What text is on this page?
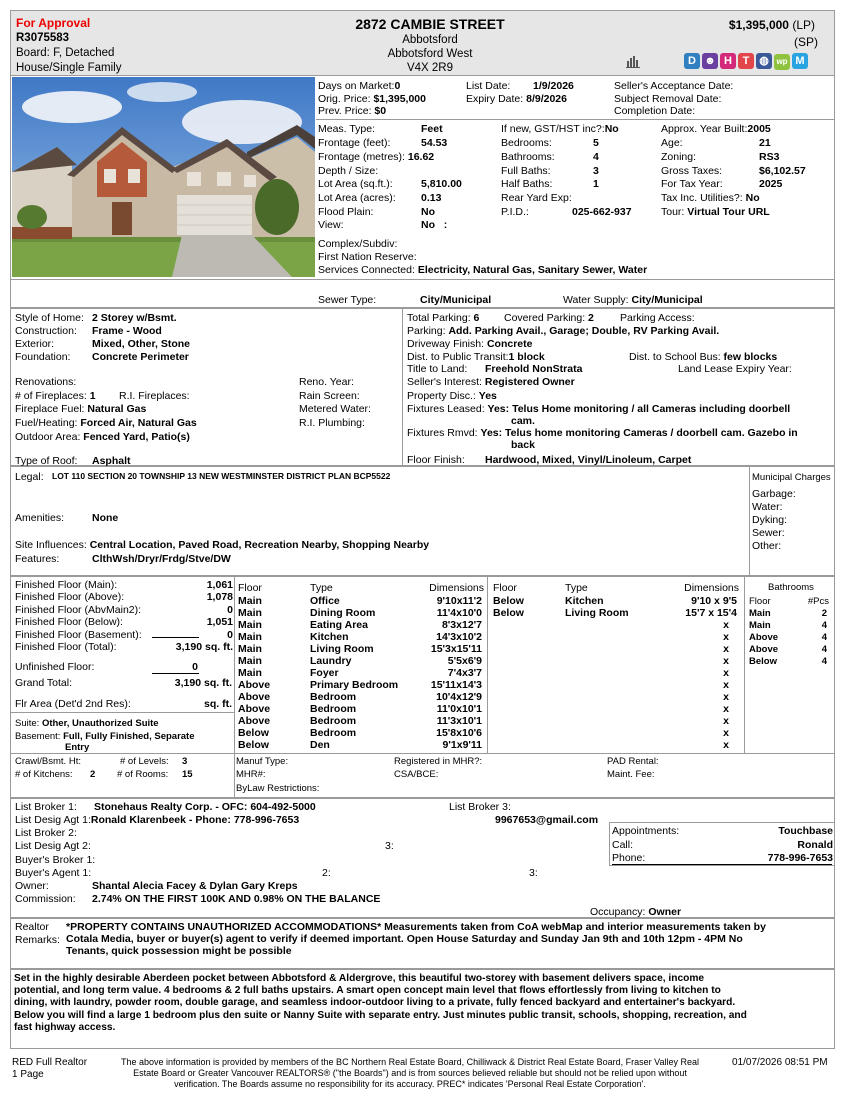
For Approval
R3075583
Board: F, Detached
House/Single Family
2872 CAMBIE STREET
Abbotsford
Abbotsford West
V4X 2R9
$1,395,000 (LP)
(SP)
D ☻ H T ◍ wp M
Days on Market:0
Orig. Price: $1,395,000
Prev. Price: $0
List Date: 1/9/2026
Expiry Date: 8/9/2026
Seller's Acceptance Date:
Subject Removal Date:
Completion Date:
Meas. Type:	Feet
Frontage (feet):	54.53
Frontage (metres): 16.62
Depth / Size:
Lot Area (sq.ft.):	5,810.00
Lot Area (acres): 0.13
Flood Plain:	No
View:	No   :
If new, GST/HST inc?:No
Bedrooms:	5
Bathrooms:	4
Full Baths:	3
Half Baths:	1
Rear Yard Exp:
P.I.D.:	025-662-937
Approx. Year Built:2005
Age:	21
Zoning:	RS3
Gross Taxes:	$6,102.57
For Tax Year:	2025
Tax Inc. Utilities?: No
Tour: Virtual Tour URL
Complex/Subdiv:
First Nation Reserve:
Services Connected: Electricity, Natural Gas, Sanitary Sewer, Water
Sewer Type:	City/Municipal	Water Supply: City/Municipal
Style of Home: 2 Storey w/Bsmt.
Construction: Frame - Wood
Exterior:	Mixed, Other, Stone
Foundation: Concrete Perimeter
Renovations:
# of Fireplaces: 1 R.I. Fireplaces:
Fireplace Fuel: Natural Gas
Fuel/Heating: Forced Air, Natural Gas
Outdoor Area: Fenced Yard, Patio(s)
Type of Roof: Asphalt
Reno. Year:
Rain Screen:
Metered Water:
R.I. Plumbing:
Total Parking: 6 Covered Parking: 2 Parking Access:
Parking: Add. Parking Avail., Garage; Double, RV Parking Avail.
Driveway Finish: Concrete
Dist. to Public Transit:1 block	Dist. to School Bus: few blocks
Title to Land: Freehold NonStrata	Land Lease Expiry Year:
Seller's Interest: Registered Owner
Property Disc.: Yes
Fixtures Leased: Yes: Telus Home monitoring / all Cameras including doorbell
cam.
Fixtures Rmvd: Yes: Telus home monitoring Cameras / doorbell cam. Gazebo in
back
Floor Finish: Hardwood, Mixed, Vinyl/Linoleum, Carpet
Legal: LOT 110 SECTION 20 TOWNSHIP 13 NEW WESTMINSTER DISTRICT PLAN BCP5522
Amenities:	None
Site Influences: Central Location, Paved Road, Recreation Nearby, Shopping Nearby
Features:	ClthWsh/Dryr/Frdg/Stve/DW
Municipal Charges
Garbage:
Water:
Dyking:
Sewer:
Other:
Finished Floor (Main):	1,061
Finished Floor (Above):	1,078
Finished Floor (AbvMain2):	0
Finished Floor (Below):	1,051
Finished Floor (Basement):	0
Finished Floor (Total):	3,190 sq. ft.
Unfinished Floor:	0
Grand Total:	3,190 sq. ft.
Flr Area (Det'd 2nd Res):	sq. ft.
Suite: Other, Unauthorized Suite
Basement: Full, Fully Finished, Separate
Entry
Crawl/Bsmt. Ht:	# of Levels: 3
# of Kitchens: 2 # of Rooms: 15
Floor	Type	Dimensions
Main	Office	9'10x11'2
Main	Dining Room	11'4x10'0
Main	Eating Area	8'3x12'7
Main	Kitchen	14'3x10'2
Main	Living Room	15'3x15'11
Main	Laundry	5'5x6'9
Main	Foyer	7'4x3'7
Above	Primary Bedroom	15'11x14'3
Above	Bedroom	10'4x12'9
Above	Bedroom	11'0x10'1
Above	Bedroom	11'3x10'1
Below	Bedroom	15'8x10'6
Below	Den	9'1x9'11
Floor	Type	Dimensions
Below	Kitchen	9'10 x 9'5
Below	Living Room	15'7 x 15'4
		x
		x
		x
		x
		x
		x
		x
		x
		x
		x
		x
Bathrooms
Floor	#Pcs
Main	2
Main	4
Above	4
Above	4
Below	4
Manuf Type:
MHR#:
ByLaw Restrictions:
Registered in MHR?:
CSA/BCE:
PAD Rental:
Maint. Fee:
List Broker 1: Stonehaus Realty Corp. - OFC: 604-492-5000
List Desig Agt 1:Ronald Klarenbeek - Phone: 778-996-7653
List Broker 2:
List Desig Agt 2:
Buyer's Broker 1:
Buyer's Agent 1:
List Broker 3:
9967653@gmail.com
3:
2:	3:
Owner:	Shantal Alecia Facey & Dylan Gary Kreps
Commission: 2.74% ON THE FIRST 100K AND 0.98% ON THE BALANCE
Appointments:	Touchbase
Call:	Ronald
Phone:	778-996-7653
Occupancy: Owner
Realtor
Remarks:
*PROPERTY CONTAINS UNAUTHORIZED ACCOMMODATIONS* Measurements taken from CoA webMap and interior measurements taken by
Cotala Media, buyer or buyer(s) agent to verify if deemed important. Open House Saturday and Sunday Jan 9th and 10th 12pm - 4PM No
Tenants, quick possession might be possible
Set in the highly desirable Aberdeen pocket between Abbotsford & Aldergrove, this beautiful two-storey with basement delivers space, income
potential, and long term value. 4 bedrooms & 2 full baths upstairs. A smart open concept main level that flows effortlessly from living to kitchen to
dining, with laundry, powder room, double garage, and seamless indoor-outdoor living to a private, fully fenced backyard and entertainer's backyard.
Below you will find a large 1 bedroom plus den suite or Nanny Suite with separate entry. Just minutes public transit, schools, shopping, recreation, and
fast highway access.
RED Full Realtor
1 Page
The above information is provided by members of the BC Northern Real Estate Board, Chilliwack & District Real Estate Board, Fraser Valley Real
Estate Board or Greater Vancouver REALTORS® ("the Boards") and is from sources believed reliable but should not be relied upon without
verification. The Boards assume no responsibility for its accuracy. PREC* indicates 'Personal Real Estate Corporation'.
01/07/2026 08:51 PM
